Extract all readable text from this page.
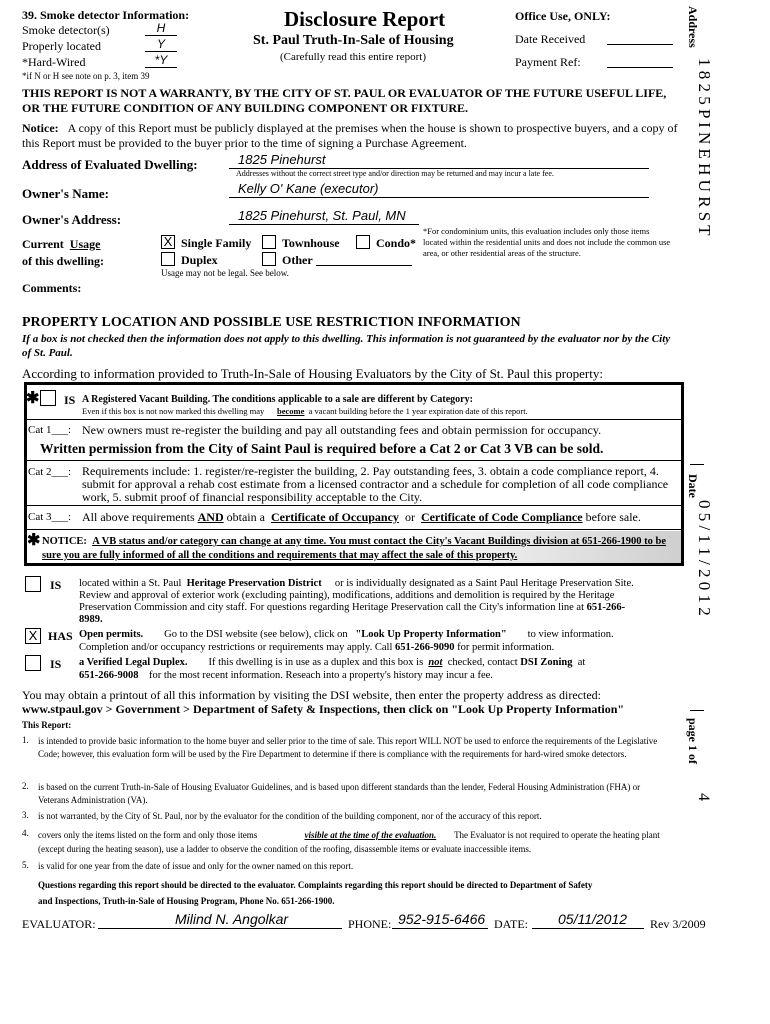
39. Smoke detector Information:
Smoke detector(s)	H
Properly located	Y
*Hard-Wired	*Y
*if N or H see note on p. 3, item 39
Disclosure Report
St. Paul Truth-In-Sale of Housing
(Carefully read this entire report)
Office Use, ONLY:
Date Received
Payment Ref:
Address
1 8 2 5 P I N E H U R S T
Date
0 5 / 1 1 / 2 0 1 2
page 1 of
4
THIS REPORT IS NOT A WARRANTY, BY THE CITY OF ST. PAUL OR EVALUATOR OF THE FUTURE USEFUL LIFE, OR THE FUTURE CONDITION OF ANY BUILDING COMPONENT OR FIXTURE.
Notice: A copy of this Report must be publicly displayed at the premises when the house is shown to prospective buyers, and a copy of this Report must be provided to the buyer prior to the time of signing a Purchase Agreement.
Address of Evaluated Dwelling:	1825 Pinehurst
Addresses without the correct street type and/or direction may be returned and may incur a late fee.
Owner's Name:	Kelly O' Kane (executor)
Owner's Address:	1825 Pinehurst, St. Paul, MN
Current Usage
of this dwelling:
X Single Family	Townhouse	Condo*
Duplex	Other
Usage may not be legal. See below.
*For condominium units, this evaluation includes only those items located within the residential units and does not include the common use area, or other residential areas of the structure.
Comments:
PROPERTY LOCATION AND POSSIBLE USE RESTRICTION INFORMATION
If a box is not checked then the information does not apply to this dwelling. This information is not guaranteed by the evaluator nor by the City of St. Paul.
According to information provided to Truth-In-Sale of Housing Evaluators by the City of St. Paul this property:
✱ IS A Registered Vacant Building. The conditions applicable to a sale are different by Category:
Even if this box is not now marked this dwelling may become a vacant building before the 1 year expiration date of this report.
Cat 1___: New owners must re-register the building and pay all outstanding fees and obtain permission for occupancy.
Written permission from the City of Saint Paul is required before a Cat 2 or Cat 3 VB can be sold.
Cat 2___: Requirements include: 1. register/re-register the building, 2. Pay outstanding fees, 3. obtain a code compliance report, 4. submit for approval a rehab cost estimate from a licensed contractor and a schedule for completion of all code compliance work, 5. submit proof of financial responsibility acceptable to the City.
Cat 3___: All above requirements AND obtain a Certificate of Occupancy or Certificate of Code Compliance before sale.
✱ NOTICE: A VB status and/or category can change at any time. You must contact the City's Vacant Buildings division at 651-266-1900 to be sure you are fully informed of all the conditions and requirements that may affect the sale of this property.
IS located within a St. Paul Heritage Preservation District or is individually designated as a Saint Paul Heritage Preservation Site. Review and approval of exterior work (excluding painting), modifications, additions and demolition is required by the Heritage Preservation Commission and city staff. For questions regarding Heritage Preservation call the City's information line at 651-266-8989.
X HAS Open permits. Go to the DSI website (see below), click on "Look Up Property Information" to view information.
Completion and/or occupancy restrictions or requirements may apply. Call 651-266-9090 for permit information.
IS a Verified Legal Duplex. If this dwelling is in use as a duplex and this box is not checked, contact DSI Zoning at
651-266-9008 for the most recent information. Reseach into a property's history may incur a fee.
You may obtain a printout of all this information by visiting the DSI website, then enter the property address as directed:
www.stpaul.gov > Government > Department of Safety & Inspections, then click on "Look Up Property Information"
This Report:
1. is intended to provide basic information to the home buyer and seller prior to the time of sale. This report WILL NOT be used to enforce the requirements of the Legislative Code; however, this evaluation form will be used by the Fire Department to determine if there is compliance with the requirements for hard-wired smoke detectors.
2. is based on the current Truth-in-Sale of Housing Evaluator Guidelines, and is based upon different standards than the lender, Federal Housing Administration (FHA) or Veterans Administration (VA).
3. is not warranted, by the City of St. Paul, nor by the evaluator for the condition of the building component, nor of the accuracy of this report.
4. covers only the items listed on the form and only those items	visible at the time of the evaluation. The Evaluator is not required to operate the heating plant (except during the heating season), use a ladder to observe the condition of the roofing, disassemble items or evaluate inaccessible items.
5. is valid for one year from the date of issue and only for the owner named on this report.
Questions regarding this report should be directed to the evaluator. Complaints regarding this report should be directed to Department of Safety and Inspections, Truth-in-Sale of Housing Program, Phone No. 651-266-1900.
EVALUATOR:	Milind N. Angolkar	PHONE: 952-915-6466 DATE: 05/11/2012 Rev 3/2009
